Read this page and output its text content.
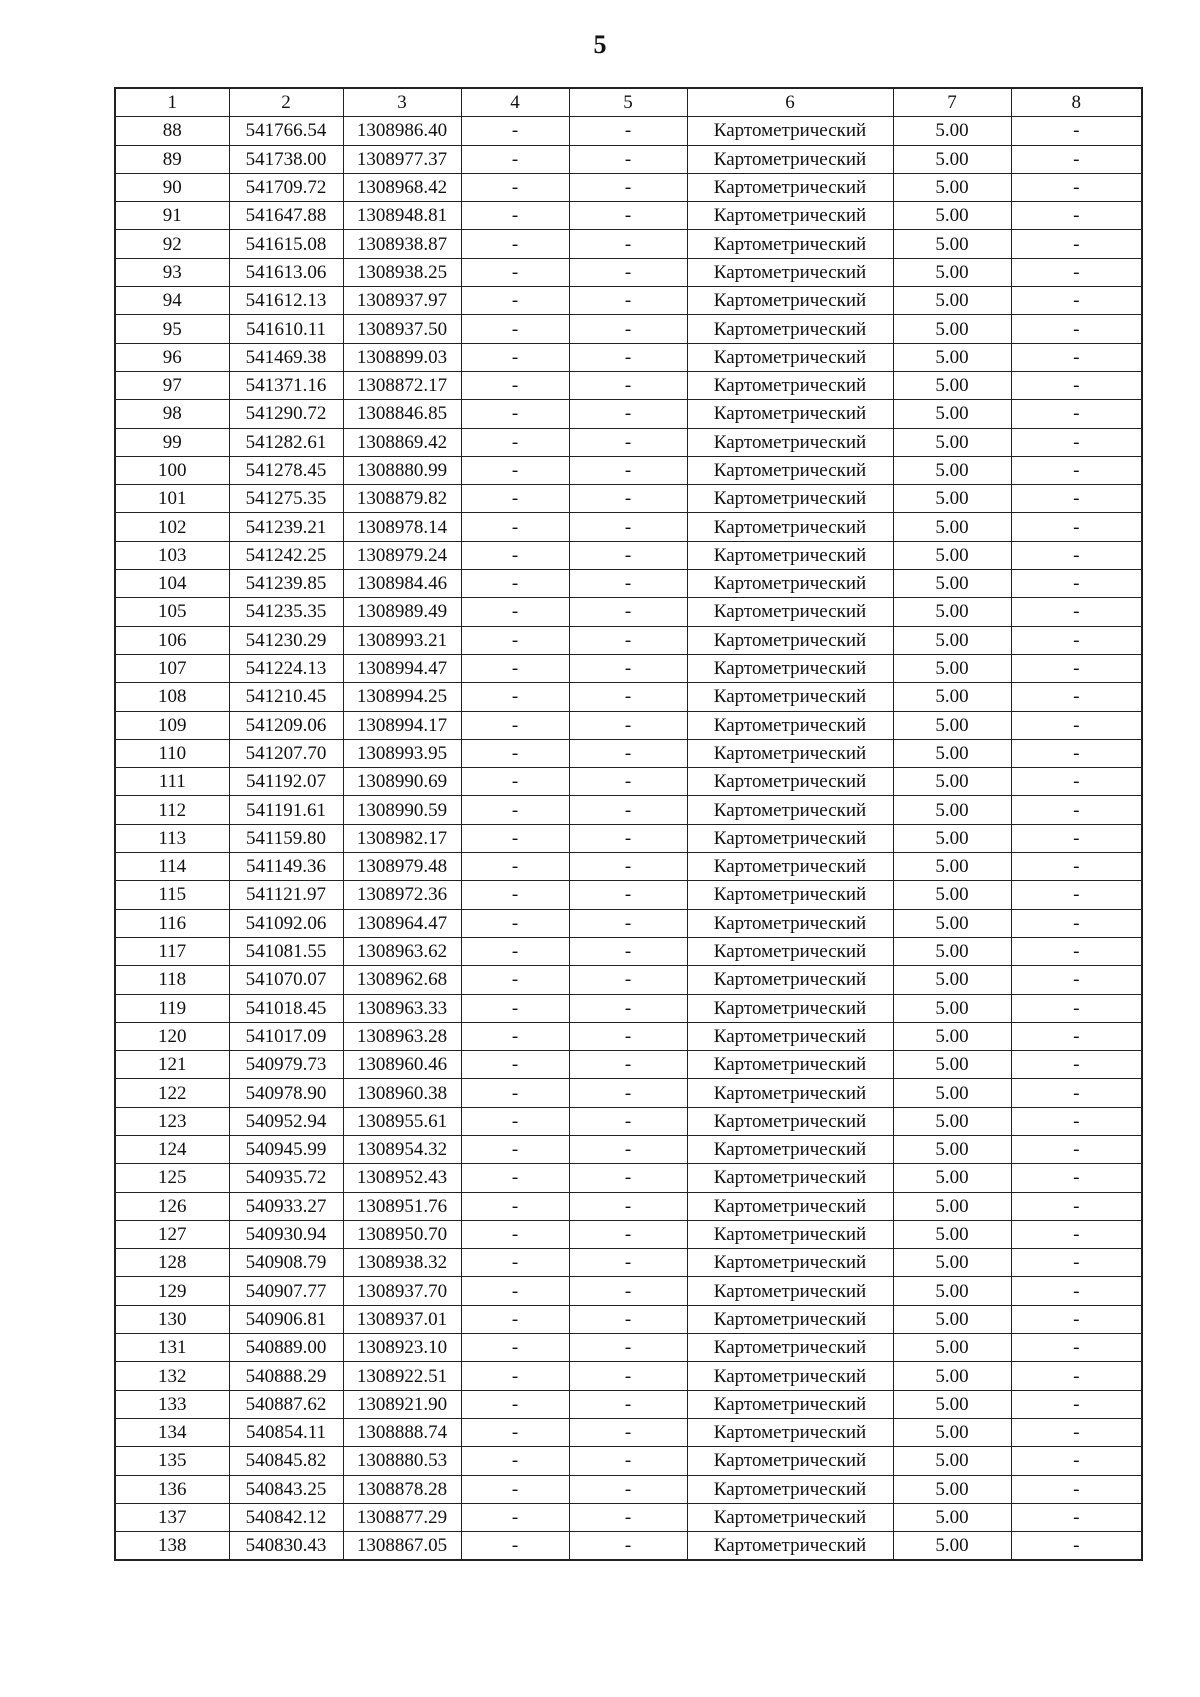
5
1	2	3	4	5	6	7	8
88	541766.54	1308986.40	-	-	Картометрический	5.00	-
89	541738.00	1308977.37	-	-	Картометрический	5.00	-
90	541709.72	1308968.42	-	-	Картометрический	5.00	-
91	541647.88	1308948.81	-	-	Картометрический	5.00	-
92	541615.08	1308938.87	-	-	Картометрический	5.00	-
93	541613.06	1308938.25	-	-	Картометрический	5.00	-
94	541612.13	1308937.97	-	-	Картометрический	5.00	-
95	541610.11	1308937.50	-	-	Картометрический	5.00	-
96	541469.38	1308899.03	-	-	Картометрический	5.00	-
97	541371.16	1308872.17	-	-	Картометрический	5.00	-
98	541290.72	1308846.85	-	-	Картометрический	5.00	-
99	541282.61	1308869.42	-	-	Картометрический	5.00	-
100	541278.45	1308880.99	-	-	Картометрический	5.00	-
101	541275.35	1308879.82	-	-	Картометрический	5.00	-
102	541239.21	1308978.14	-	-	Картометрический	5.00	-
103	541242.25	1308979.24	-	-	Картометрический	5.00	-
104	541239.85	1308984.46	-	-	Картометрический	5.00	-
105	541235.35	1308989.49	-	-	Картометрический	5.00	-
106	541230.29	1308993.21	-	-	Картометрический	5.00	-
107	541224.13	1308994.47	-	-	Картометрический	5.00	-
108	541210.45	1308994.25	-	-	Картометрический	5.00	-
109	541209.06	1308994.17	-	-	Картометрический	5.00	-
110	541207.70	1308993.95	-	-	Картометрический	5.00	-
111	541192.07	1308990.69	-	-	Картометрический	5.00	-
112	541191.61	1308990.59	-	-	Картометрический	5.00	-
113	541159.80	1308982.17	-	-	Картометрический	5.00	-
114	541149.36	1308979.48	-	-	Картометрический	5.00	-
115	541121.97	1308972.36	-	-	Картометрический	5.00	-
116	541092.06	1308964.47	-	-	Картометрический	5.00	-
117	541081.55	1308963.62	-	-	Картометрический	5.00	-
118	541070.07	1308962.68	-	-	Картометрический	5.00	-
119	541018.45	1308963.33	-	-	Картометрический	5.00	-
120	541017.09	1308963.28	-	-	Картометрический	5.00	-
121	540979.73	1308960.46	-	-	Картометрический	5.00	-
122	540978.90	1308960.38	-	-	Картометрический	5.00	-
123	540952.94	1308955.61	-	-	Картометрический	5.00	-
124	540945.99	1308954.32	-	-	Картометрический	5.00	-
125	540935.72	1308952.43	-	-	Картометрический	5.00	-
126	540933.27	1308951.76	-	-	Картометрический	5.00	-
127	540930.94	1308950.70	-	-	Картометрический	5.00	-
128	540908.79	1308938.32	-	-	Картометрический	5.00	-
129	540907.77	1308937.70	-	-	Картометрический	5.00	-
130	540906.81	1308937.01	-	-	Картометрический	5.00	-
131	540889.00	1308923.10	-	-	Картометрический	5.00	-
132	540888.29	1308922.51	-	-	Картометрический	5.00	-
133	540887.62	1308921.90	-	-	Картометрический	5.00	-
134	540854.11	1308888.74	-	-	Картометрический	5.00	-
135	540845.82	1308880.53	-	-	Картометрический	5.00	-
136	540843.25	1308878.28	-	-	Картометрический	5.00	-
137	540842.12	1308877.29	-	-	Картометрический	5.00	-
138	540830.43	1308867.05	-	-	Картометрический	5.00	-
